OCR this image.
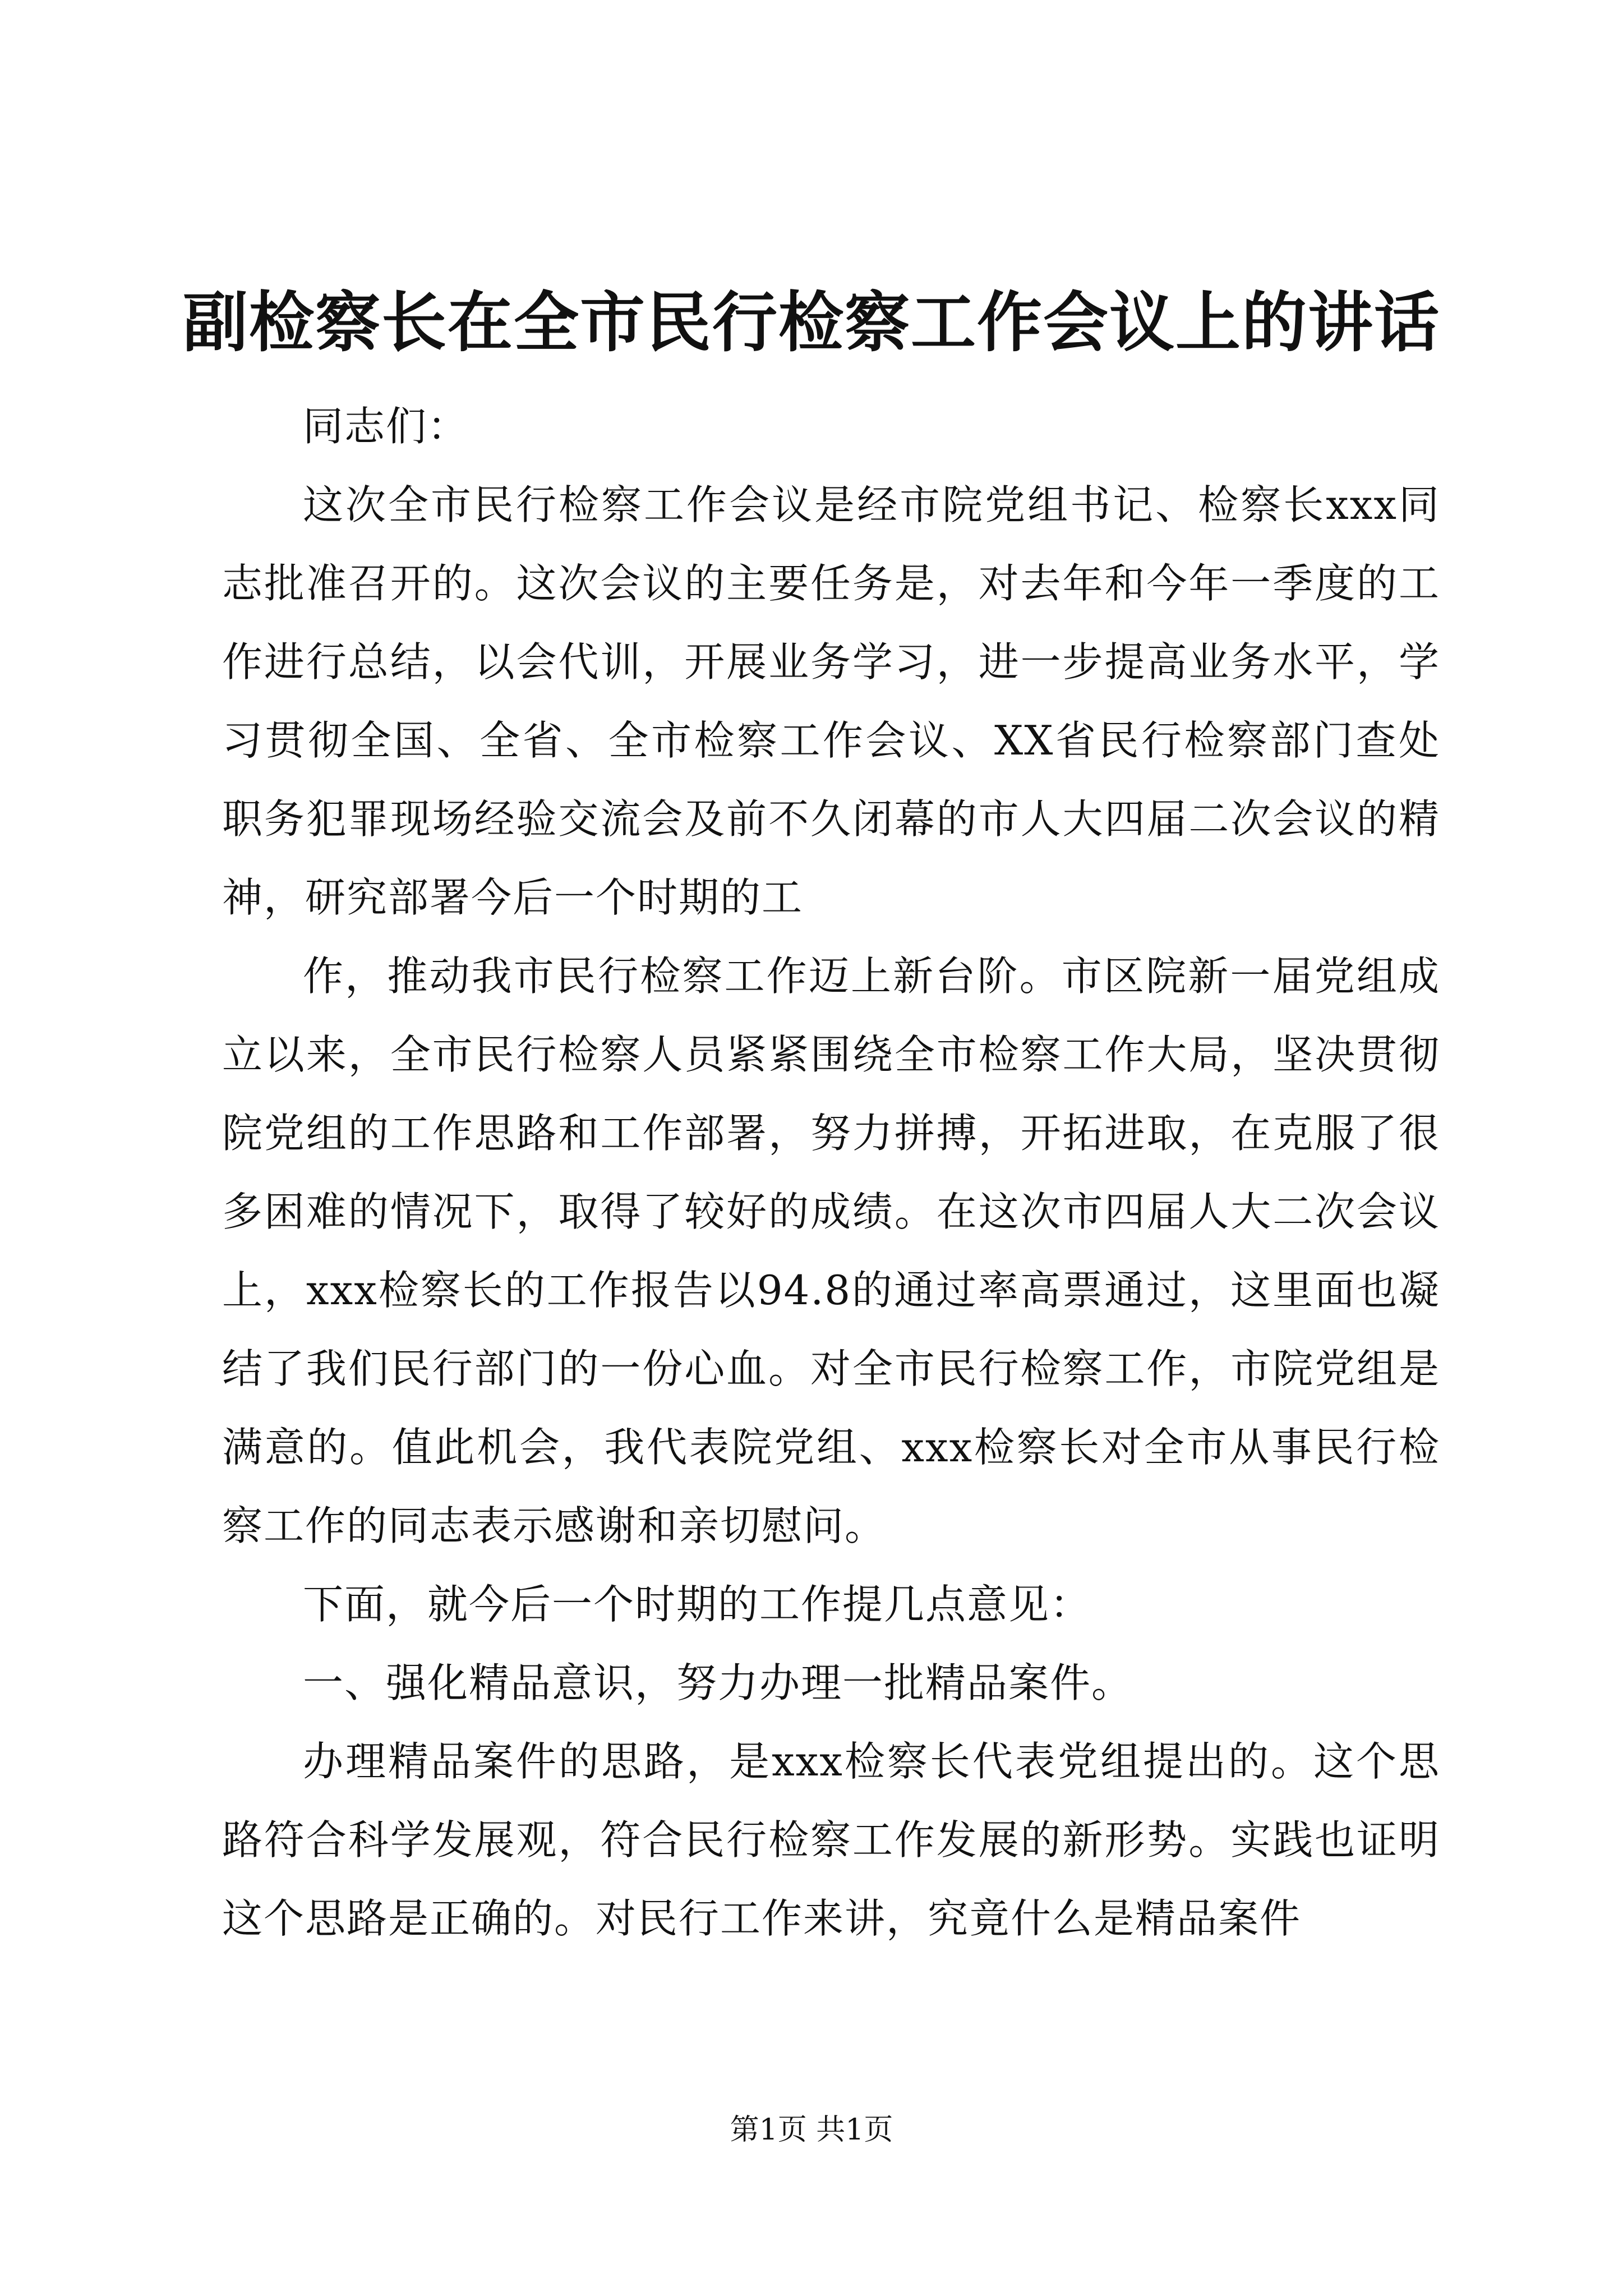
副检察长在全市民行检察工作会议上的讲话

同志们：

这次全市民行检察工作会议是经市院党组书记、检察长xxx同志批准召开的。这次会议的主要任务是，对去年和今年一季度的工作进行总结，以会代训，开展业务学习，进一步提高业务水平，学习贯彻全国、全省、全市检察工作会议、XX省民行检察部门查处职务犯罪现场经验交流会及前不久闭幕的市人大四届二次会议的精神，研究部署今后一个时期的工

作，推动我市民行检察工作迈上新台阶。市区院新一届党组成立以来，全市民行检察人员紧紧围绕全市检察工作大局，坚决贯彻院党组的工作思路和工作部署，努力拼搏，开拓进取，在克服了很多困难的情况下，取得了较好的成绩。在这次市四届人大二次会议上，xxx检察长的工作报告以94.8的通过率高票通过，这里面也凝结了我们民行部门的一份心血。对全市民行检察工作，市院党组是满意的。值此机会，我代表院党组、xxx检察长对全市从事民行检察工作的同志表示感谢和亲切慰问。

下面，就今后一个时期的工作提几点意见：

一、强化精品意识，努力办理一批精品案件。

办理精品案件的思路，是xxx检察长代表党组提出的。这个思路符合科学发展观，符合民行检察工作发展的新形势。实践也证明这个思路是正确的。对民行工作来讲，究竟什么是精品案件

第1页 共1页
